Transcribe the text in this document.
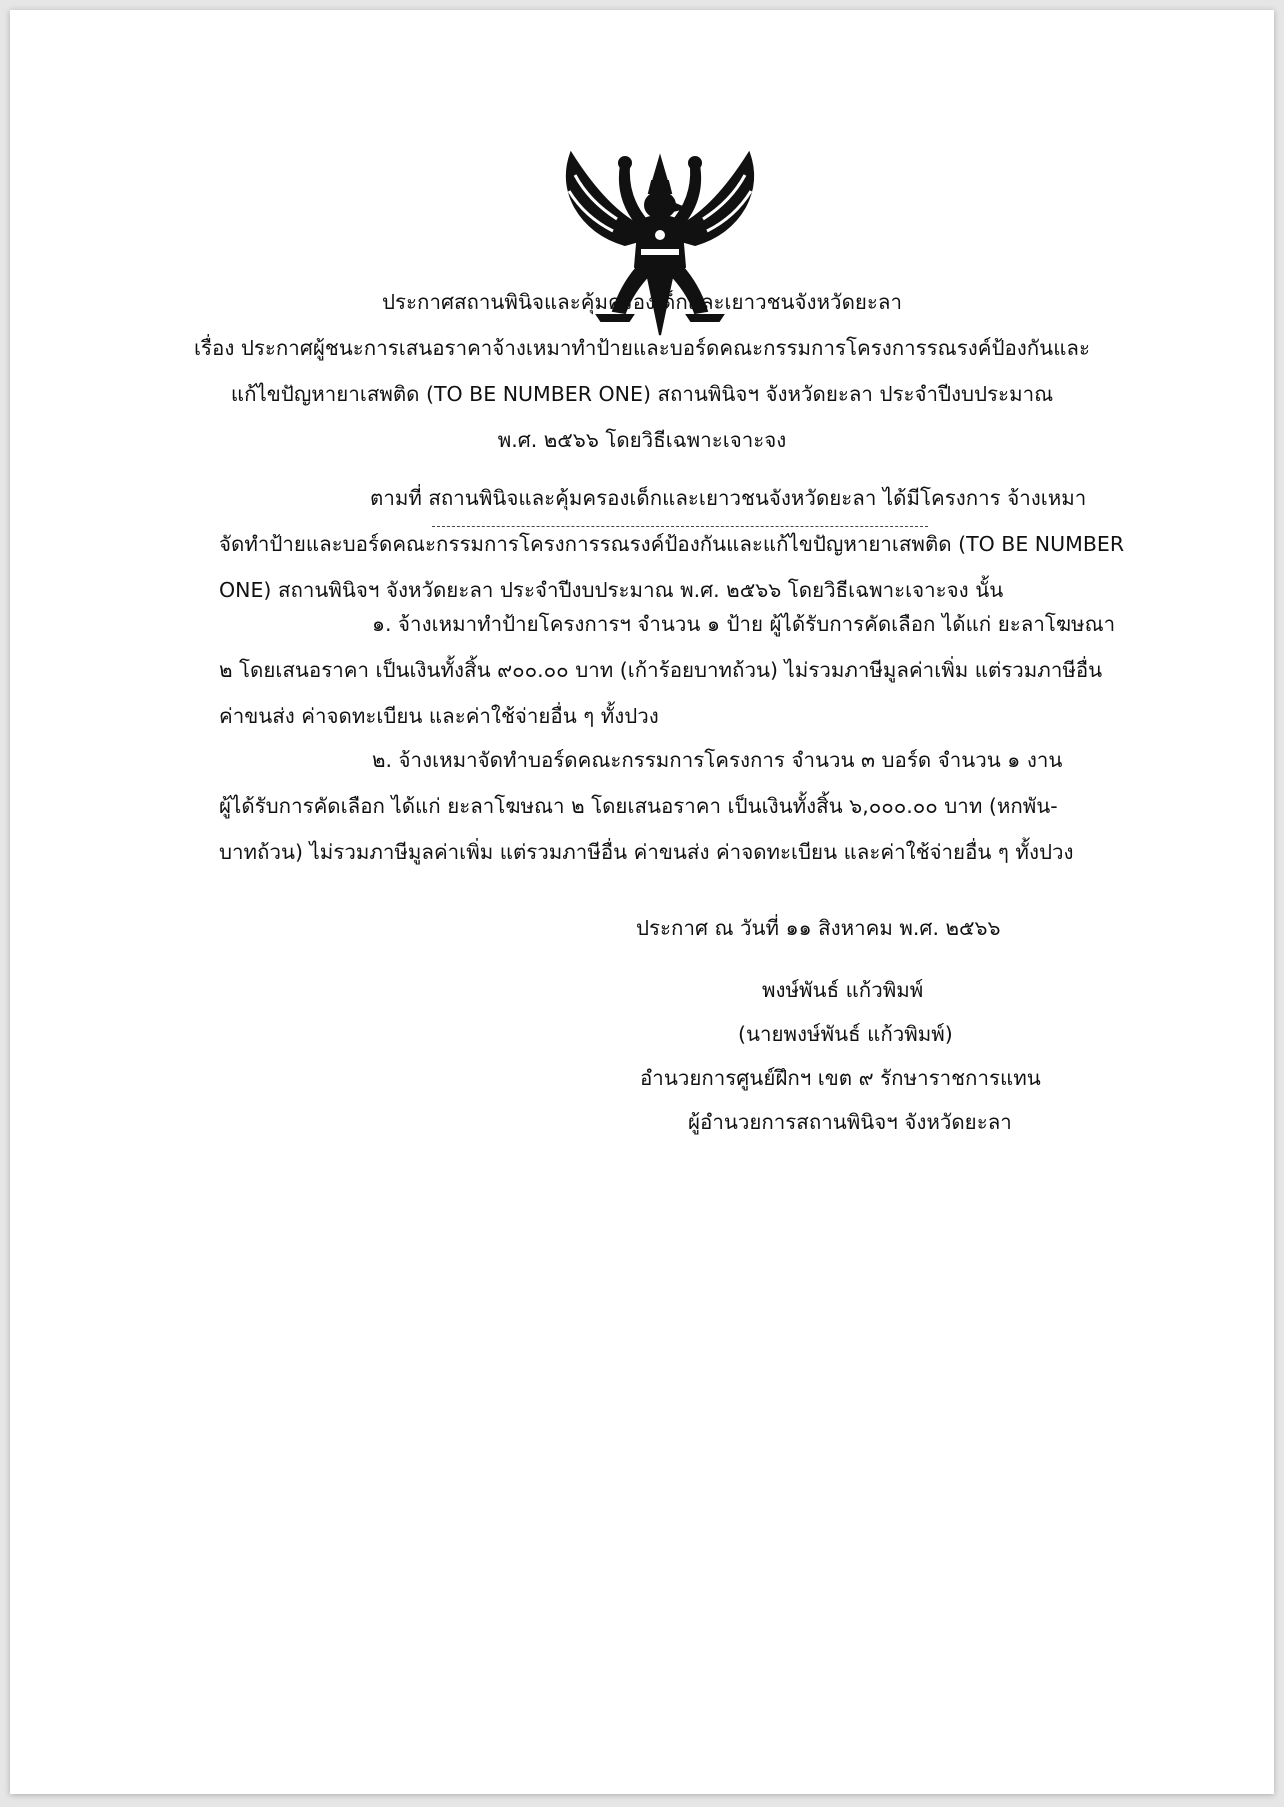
ประกาศสถานพินิจและคุ้มครองเด็กและเยาวชนจังหวัดยะลา
เรื่อง ประกาศผู้ชนะการเสนอราคาจ้างเหมาทำป้ายและบอร์ดคณะกรรมการโครงการรณรงค์ป้องกันและ
แก้ไขปัญหายาเสพติด (TO BE NUMBER ONE) สถานพินิจฯ จังหวัดยะลา ประจำปีงบประมาณ
พ.ศ. ๒๕๖๖ โดยวิธีเฉพาะเจาะจง
ตามที่ สถานพินิจและคุ้มครองเด็กและเยาวชนจังหวัดยะลา ได้มีโครงการ จ้างเหมา
จัดทำป้ายและบอร์ดคณะกรรมการโครงการรณรงค์ป้องกันและแก้ไขปัญหายาเสพติด (TO BE NUMBER
ONE) สถานพินิจฯ จังหวัดยะลา ประจำปีงบประมาณ พ.ศ. ๒๕๖๖ โดยวิธีเฉพาะเจาะจง นั้น
๑. จ้างเหมาทำป้ายโครงการฯ จำนวน ๑ ป้าย ผู้ได้รับการคัดเลือก ได้แก่ ยะลาโฆษณา
๒ โดยเสนอราคา เป็นเงินทั้งสิ้น ๙๐๐.๐๐ บาท (เก้าร้อยบาทถ้วน) ไม่รวมภาษีมูลค่าเพิ่ม แต่รวมภาษีอื่น
ค่าขนส่ง ค่าจดทะเบียน และค่าใช้จ่ายอื่น ๆ ทั้งปวง
๒. จ้างเหมาจัดทำบอร์ดคณะกรรมการโครงการ จำนวน ๓ บอร์ด จำนวน ๑ งาน
ผู้ได้รับการคัดเลือก ได้แก่ ยะลาโฆษณา ๒ โดยเสนอราคา เป็นเงินทั้งสิ้น ๖,๐๐๐.๐๐ บาท (หกพัน-
บาทถ้วน) ไม่รวมภาษีมูลค่าเพิ่ม แต่รวมภาษีอื่น ค่าขนส่ง ค่าจดทะเบียน และค่าใช้จ่ายอื่น ๆ ทั้งปวง
ประกาศ ณ วันที่ ๑๑ สิงหาคม พ.ศ. ๒๕๖๖
พงษ์พันธ์ แก้วพิมพ์
(นายพงษ์พันธ์ แก้วพิมพ์)
อำนวยการศูนย์ฝึกฯ เขต ๙ รักษาราชการแทน
ผู้อำนวยการสถานพินิจฯ จังหวัดยะลา
